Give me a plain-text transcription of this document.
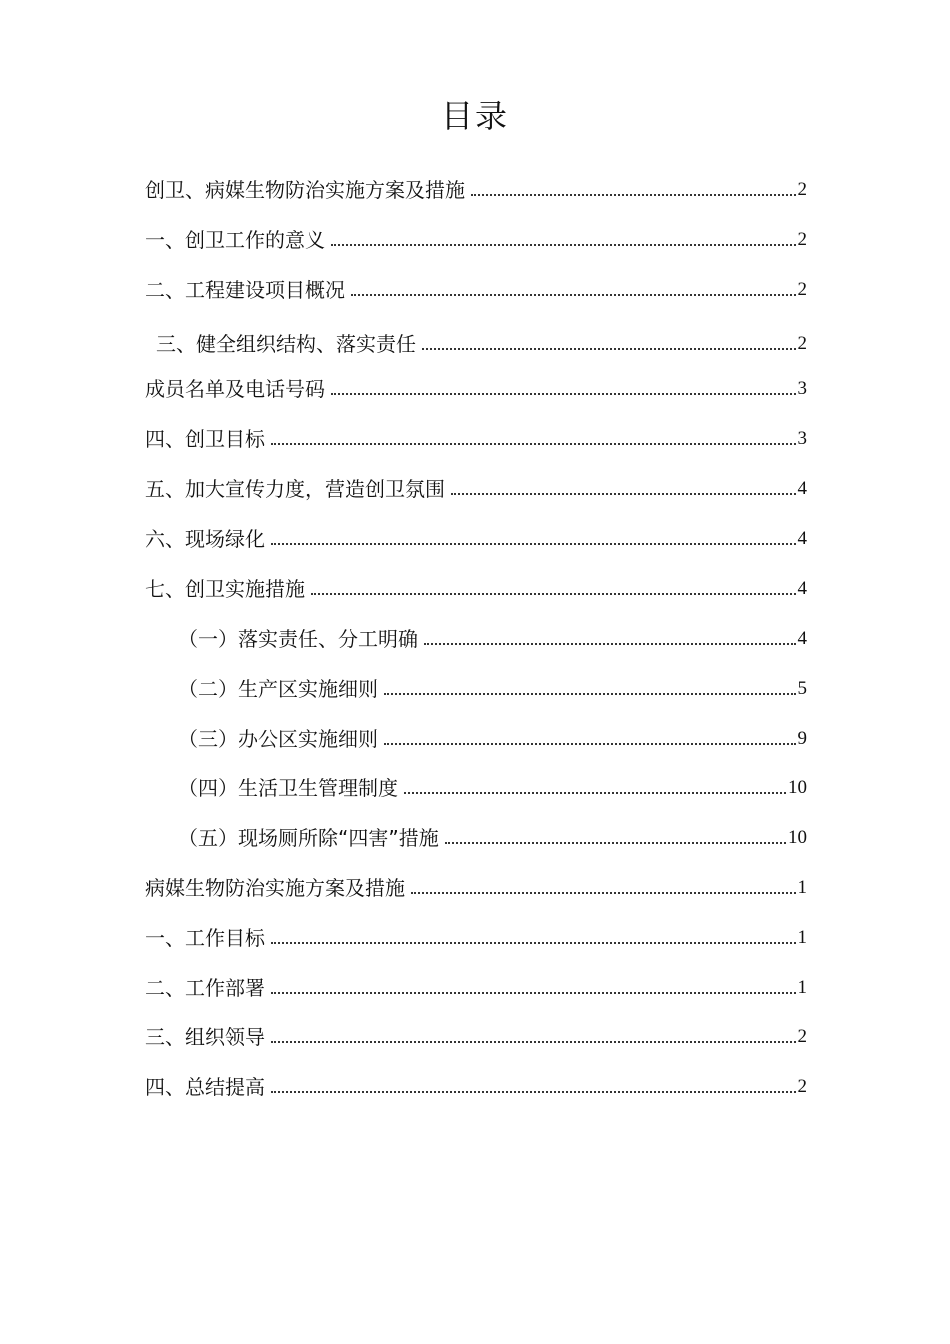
目录
创卫、病媒生物防治实施方案及措施	2
一、创卫工作的意义	2
二、工程建设项目概况	2
三、健全组织结构、落实责任	2
成员名单及电话号码	3
四、创卫目标	3
五、加大宣传力度，营造创卫氛围	4
六、现场绿化	4
七、创卫实施措施	4
（一）落实责任、分工明确	4
（二）生产区实施细则	5
（三）办公区实施细则	9
（四）生活卫生管理制度	10
（五）现场厕所除“四害”措施	10
病媒生物防治实施方案及措施	1
一、工作目标	1
二、工作部署	1
三、组织领导	2
四、总结提高	2
